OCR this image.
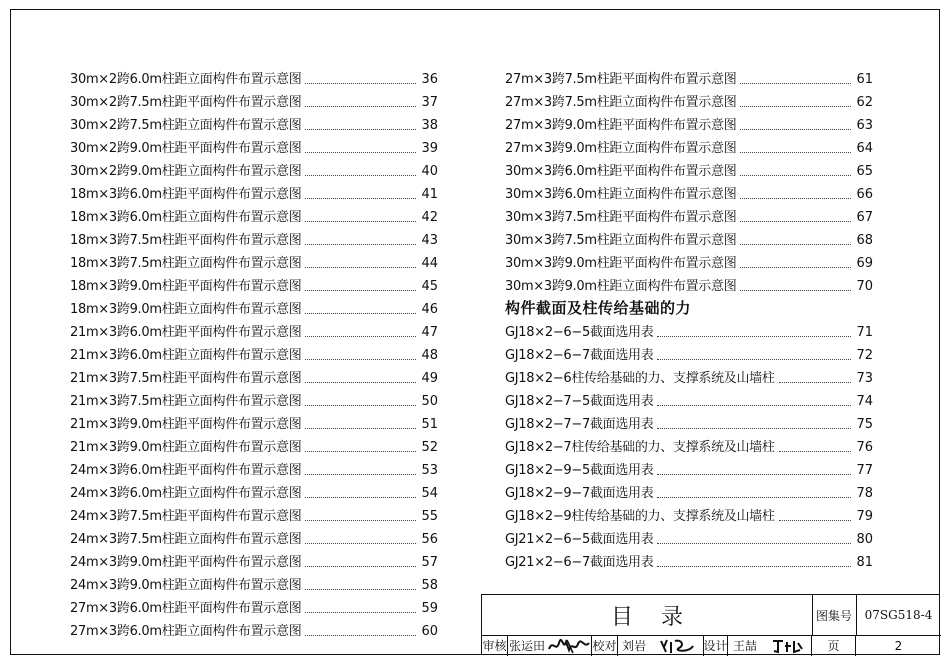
30m×2跨6.0m柱距立面构件布置示意图	36
30m×2跨7.5m柱距平面构件布置示意图	37
30m×2跨7.5m柱距立面构件布置示意图	38
30m×2跨9.0m柱距平面构件布置示意图	39
30m×2跨9.0m柱距立面构件布置示意图	40
18m×3跨6.0m柱距平面构件布置示意图	41
18m×3跨6.0m柱距立面构件布置示意图	42
18m×3跨7.5m柱距平面构件布置示意图	43
18m×3跨7.5m柱距立面构件布置示意图	44
18m×3跨9.0m柱距平面构件布置示意图	45
18m×3跨9.0m柱距立面构件布置示意图	46
21m×3跨6.0m柱距平面构件布置示意图	47
21m×3跨6.0m柱距立面构件布置示意图	48
21m×3跨7.5m柱距平面构件布置示意图	49
21m×3跨7.5m柱距立面构件布置示意图	50
21m×3跨9.0m柱距平面构件布置示意图	51
21m×3跨9.0m柱距立面构件布置示意图	52
24m×3跨6.0m柱距平面构件布置示意图	53
24m×3跨6.0m柱距立面构件布置示意图	54
24m×3跨7.5m柱距平面构件布置示意图	55
24m×3跨7.5m柱距立面构件布置示意图	56
24m×3跨9.0m柱距平面构件布置示意图	57
24m×3跨9.0m柱距立面构件布置示意图	58
27m×3跨6.0m柱距平面构件布置示意图	59
27m×3跨6.0m柱距立面构件布置示意图	60
27m×3跨7.5m柱距平面构件布置示意图	61
27m×3跨7.5m柱距立面构件布置示意图	62
27m×3跨9.0m柱距平面构件布置示意图	63
27m×3跨9.0m柱距立面构件布置示意图	64
30m×3跨6.0m柱距平面构件布置示意图	65
30m×3跨6.0m柱距立面构件布置示意图	66
30m×3跨7.5m柱距平面构件布置示意图	67
30m×3跨7.5m柱距立面构件布置示意图	68
30m×3跨9.0m柱距平面构件布置示意图	69
30m×3跨9.0m柱距立面构件布置示意图	70
构件截面及柱传给基础的力
GJ18×2−6−5截面选用表	71
GJ18×2−6−7截面选用表	72
GJ18×2−6柱传给基础的力、支撑系统及山墙柱	73
GJ18×2−7−5截面选用表	74
GJ18×2−7−7截面选用表	75
GJ18×2−7柱传给基础的力、支撑系统及山墙柱	76
GJ18×2−9−5截面选用表	77
GJ18×2−9−7截面选用表	78
GJ18×2−9柱传给基础的力、支撑系统及山墙柱	79
GJ21×2−6−5截面选用表	80
GJ21×2−6−7截面选用表	81
目录	图集号	07SG518-4
审核 张运田	校对 刘岩	设计 王喆	页	2
